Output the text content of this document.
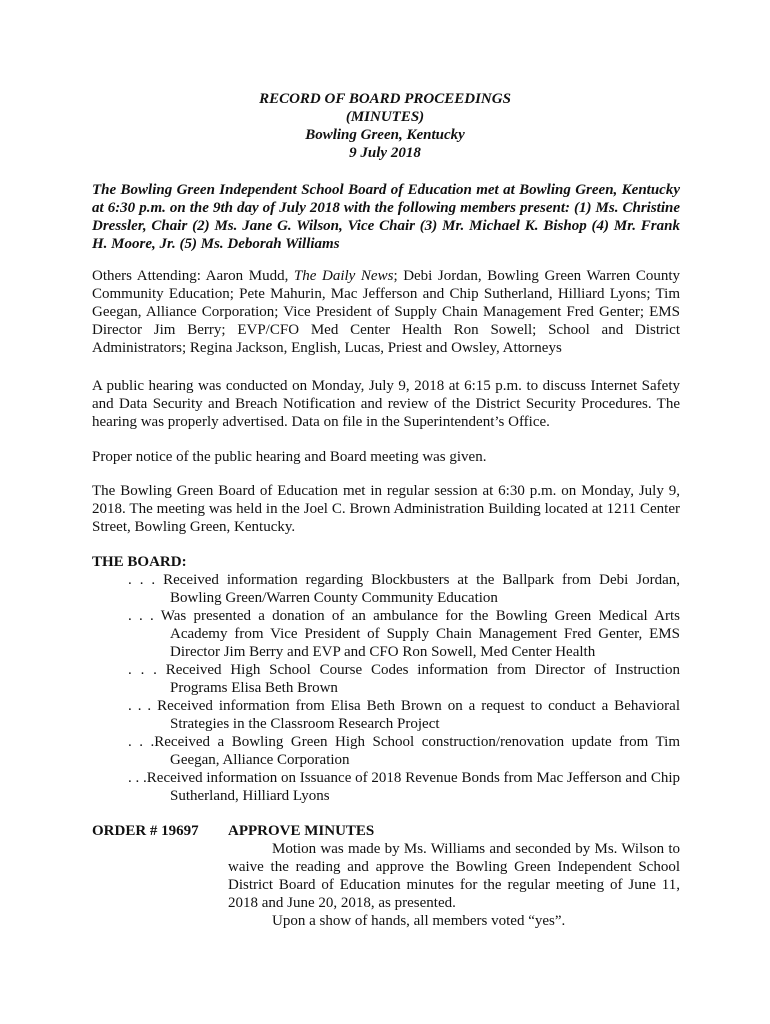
RECORD OF BOARD PROCEEDINGS
(MINUTES)
Bowling Green, Kentucky
9 July 2018
The Bowling Green Independent School Board of Education met at Bowling Green, Kentucky at 6:30 p.m. on the 9th day of July 2018 with the following members present: (1) Ms. Christine Dressler, Chair (2) Ms. Jane G. Wilson, Vice Chair (3) Mr. Michael K. Bishop (4) Mr. Frank H. Moore, Jr. (5) Ms. Deborah Williams
Others Attending: Aaron Mudd, The Daily News; Debi Jordan, Bowling Green Warren County Community Education; Pete Mahurin, Mac Jefferson and Chip Sutherland, Hilliard Lyons; Tim Geegan, Alliance Corporation; Vice President of Supply Chain Management Fred Genter; EMS Director Jim Berry; EVP/CFO Med Center Health Ron Sowell; School and District Administrators; Regina Jackson, English, Lucas, Priest and Owsley, Attorneys
A public hearing was conducted on Monday, July 9, 2018 at 6:15 p.m. to discuss Internet Safety and Data Security and Breach Notification and review of the District Security Procedures. The hearing was properly advertised. Data on file in the Superintendent’s Office.
Proper notice of the public hearing and Board meeting was given.
The Bowling Green Board of Education met in regular session at 6:30 p.m. on Monday, July 9, 2018. The meeting was held in the Joel C. Brown Administration Building located at 1211 Center Street, Bowling Green, Kentucky.
THE BOARD:
. . . Received information regarding Blockbusters at the Ballpark from Debi Jordan, Bowling Green/Warren County Community Education
. . . Was presented a donation of an ambulance for the Bowling Green Medical Arts Academy from Vice President of Supply Chain Management Fred Genter, EMS Director Jim Berry and EVP and CFO Ron Sowell, Med Center Health
. . . Received High School Course Codes information from Director of Instruction Programs Elisa Beth Brown
. . . Received information from Elisa Beth Brown on a request to conduct a Behavioral Strategies in the Classroom Research Project
. . .Received a Bowling Green High School construction/renovation update from Tim Geegan, Alliance Corporation
. . .Received information on Issuance of 2018 Revenue Bonds from Mac Jefferson and Chip Sutherland, Hilliard Lyons
ORDER # 19697 APPROVE MINUTES

Motion was made by Ms. Williams and seconded by Ms. Wilson to waive the reading and approve the Bowling Green Independent School District Board of Education minutes for the regular meeting of June 11, 2018 and June 20, 2018, as presented.

Upon a show of hands, all members voted “yes”.
